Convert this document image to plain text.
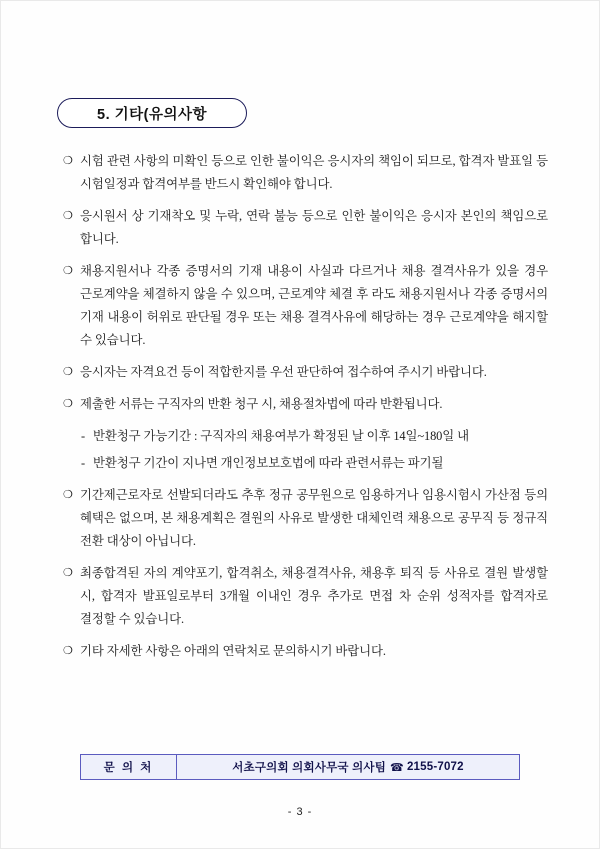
5. 기타(유의사항
❍ 시험 관련 사항의 미확인 등으로 인한 불이익은 응시자의 책임이 되므로, 합격자 발표일 등 시험일정과 합격여부를 반드시 확인해야 합니다.
❍ 응시원서 상 기재착오 및 누락, 연락 불능 등으로 인한 불이익은 응시자 본인의 책임으로 합니다.
❍ 채용지원서나 각종 증명서의 기재 내용이 사실과 다르거나 채용 결격사유가 있을 경우 근로계약을 체결하지 않을 수 있으며, 근로계약 체결 후 라도 채용지원서나 각종 증명서의 기재 내용이 허위로 판단될 경우 또는 채용 결격사유에 해당하는 경우 근로계약을 해지할 수 있습니다.
❍ 응시자는 자격요건 등이 적합한지를 우선 판단하여 접수하여 주시기 바랍니다.
❍ 제출한 서류는 구직자의 반환 청구 시, 채용절차법에 따라 반환됩니다.
- 반환청구 가능기간 : 구직자의 채용여부가 확정된 날 이후 14일~180일 내
- 반환청구 기간이 지나면 개인정보보호법에 따라 관련서류는 파기될
❍ 기간제근로자로 선발되더라도 추후 정규 공무원으로 임용하거나 임용시험시 가산점 등의 혜택은 없으며, 본 채용계획은 결원의 사유로 발생한 대체인력 채용으로 공무직 등 정규직 전환 대상이 아닙니다.
❍ 최종합격된 자의 계약포기, 합격취소, 채용결격사유, 채용후 퇴직 등 사유로 결원 발생할 시, 합격자 발표일로부터 3개월 이내인 경우 추가로 면접 차 순위 성적자를 합격자로 결정할 수 있습니다.
❍ 기타 자세한 사항은 아래의 연락처로 문의하시기 바랍니다.
문 의 처	서초구의회 의회사무국 의사팀 ☎ 2155-7072
- 3 -
